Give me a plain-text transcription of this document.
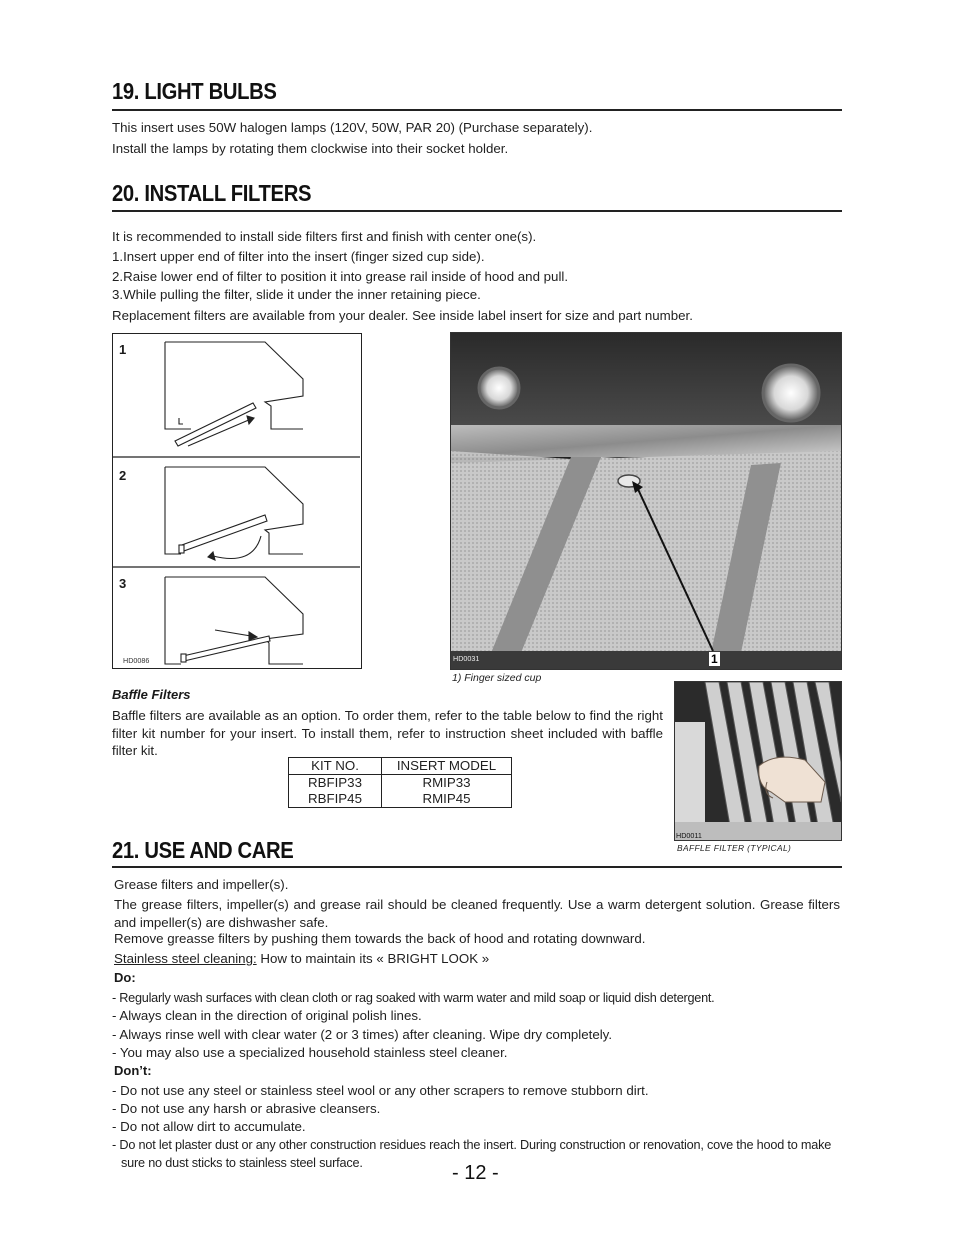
19. LIGHT BULBS
This insert uses 50W halogen lamps (120V, 50W, PAR 20) (Purchase separately).
Install the lamps by rotating them clockwise into their socket holder.
20. INSTALL FILTERS
It is recommended to install side filters first and finish with center one(s).
1.Insert upper end of filter into the insert (finger sized cup side).
2.Raise lower end of filter to position it into grease rail inside of hood and pull.
3.While pulling the filter, slide it under the inner retaining piece.
Replacement filters are available from your dealer. See inside label insert for size and part number.
1
2
3
HD0086	HD0031	1
1) Finger sized cup
Baffle Filters
Baffle filters are available as an option. To order them, refer to the table below to find the right filter kit number for your insert. To install them, refer to instruction sheet included with baffle filter kit.
KIT NO.	INSERT MODEL
RBFIP33	RMIP33
RBFIP45	RMIP45
HD0011
BAFFLE FILTER (TYPICAL)
21. USE AND CARE
Grease filters and impeller(s).
The grease filters, impeller(s) and grease rail should be cleaned frequently. Use a warm detergent solution. Grease filters and impeller(s) are dishwasher safe.
Remove greasse filters by pushing them towards the back of hood and rotating downward.
Stainless steel cleaning: How to maintain its « BRIGHT LOOK »
Do:
- Regularly wash surfaces with clean cloth or rag soaked with warm water and mild soap or liquid dish detergent.
- Always clean in the direction of original polish lines.
- Always rinse well with clear water (2 or 3 times) after cleaning. Wipe dry completely.
- You may also use a specialized household stainless steel cleaner.
Don’t:
- Do not use any steel or stainless steel wool or any other scrapers to remove stubborn dirt.
- Do not use any harsh or abrasive cleansers.
- Do not allow dirt to accumulate.
- Do not let plaster dust or any other construction residues reach the insert. During construction or renovation, cove the hood to make sure no dust sticks to stainless steel surface.	- 12 -
